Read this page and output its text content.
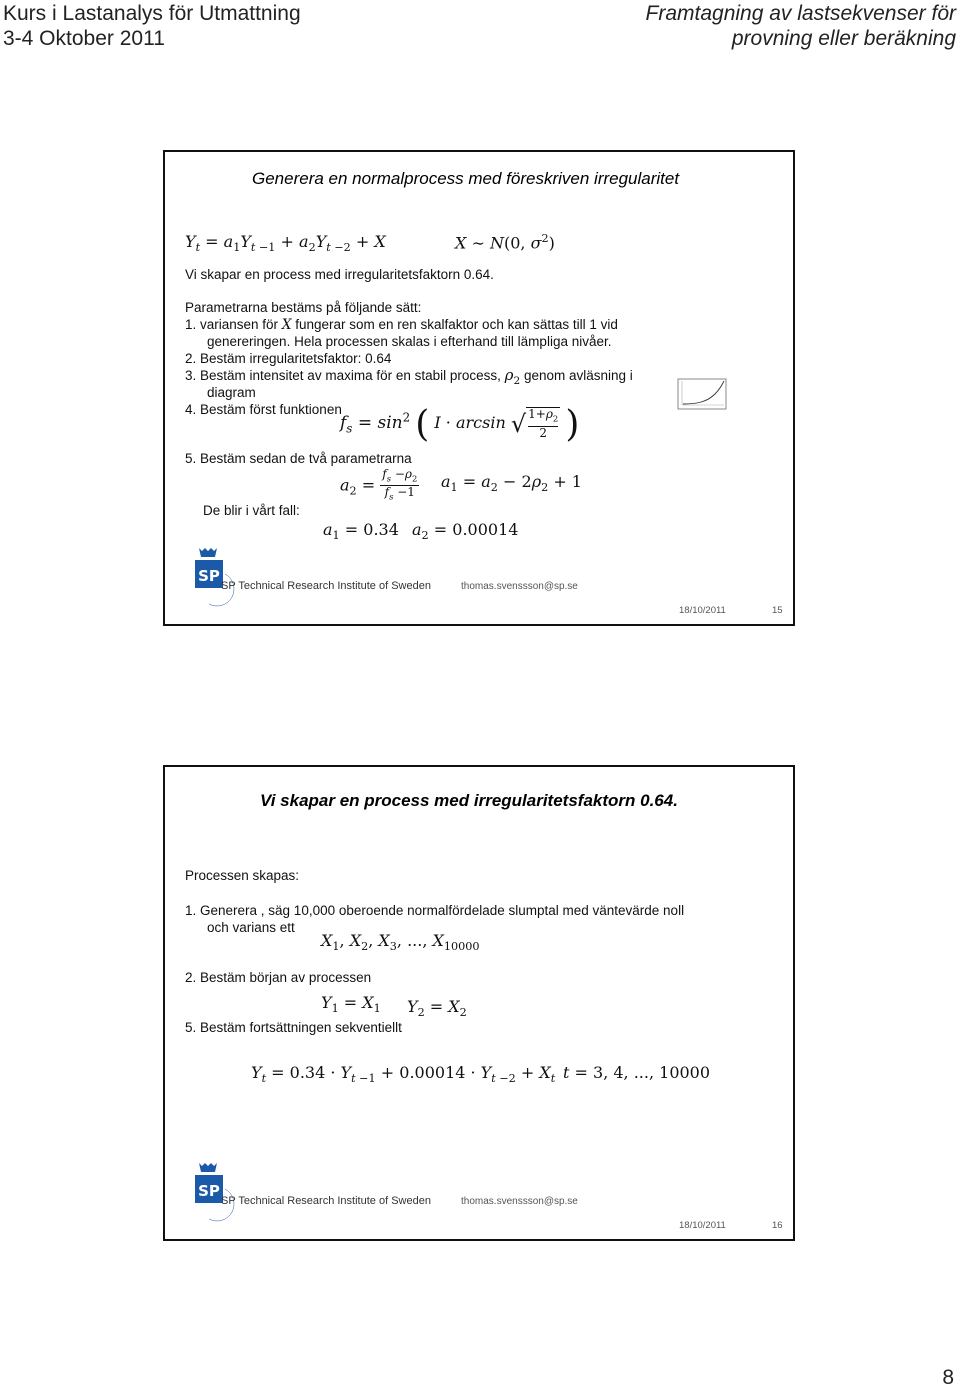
Kurs i Lastanalys för Utmattning
3-4 Oktober 2011
Framtagning av lastsekvenser för
provning eller beräkning
Generera en normalprocess med föreskriven irregularitet
$Y_t = a_1Y_{t -1} + a_2Y_{t -2} + X$	X ∼ N(0, $\sigma^2$)
Vi skapar en process med irregularitetsfaktorn 0.64.
Parametrarna bestäms på följande sätt:
1. variansen för X fungerar som en ren skalfaktor och kan sättas till 1 vid
genereringen. Hela processen skalas i efterhand till lämpliga nivåer.
2. Bestäm irregularitetsfaktor: 0.64
3. Bestäm intensitet av maxima för en stabil process, $\rho_2$ genom avläsning i
diagram
4. Bestäm först funktionen
$f_s = \sin^2$ ( I · arcsin √ $\frac{1+\rho_2}{2}$ )
5. Bestäm sedan de två parametrarna
$a_2 = \frac{f_s -\rho_2}{f_s -1} a_1 = a_2 - 2\rho_2 + 1$
De blir i vårt fall:
$a_1 = 0.34$ $a_2 = 0.00014$
SP
SP Technical Research Institute of Sweden	thomas.svenssson@sp.se
18/10/2011	15
Vi skapar en process med irregularitetsfaktorn 0.64.
Processen skapas:
1. Generera , säg 10,000 oberoende normalfördelade slumptal med väntevärde noll
och varians ett
$X_1$, $X_2$, $X_3$, ..., $X_{10000}$
2. Bestäm början av processen
$Y_1 = X_1$ $Y_2 = X_2$
5. Bestäm fortsättningen sekventiellt
$Y_t = 0.34 \cdot Y_{t -1} + 0.00014 \cdot Y_{t -2} + X_t$ t = 3, 4, ..., 10000
SP
SP Technical Research Institute of Sweden	thomas.svenssson@sp.se
18/10/2011	16
8
